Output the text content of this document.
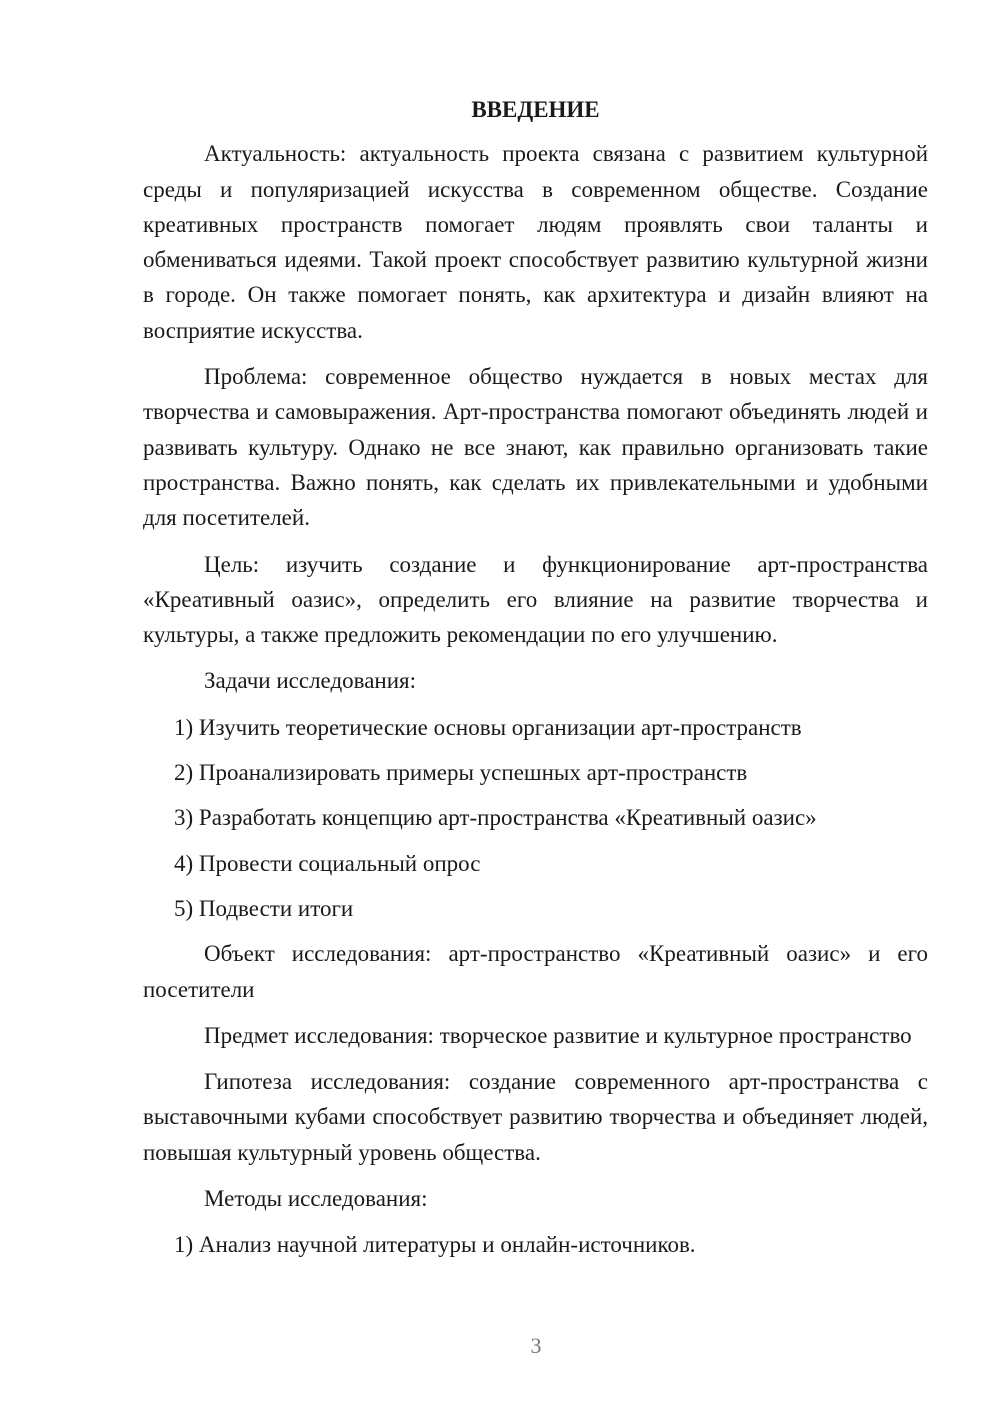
ВВЕДЕНИЕ
Актуальность: актуальность проекта связана с развитием культурной среды и популяризацией искусства в современном обществе. Создание креативных пространств помогает людям проявлять свои таланты и обмениваться идеями. Такой проект способствует развитию культурной жизни в городе. Он также помогает понять, как архитектура и дизайн влияют на восприятие искусства.
Проблема: современное общество нуждается в новых местах для творчества и самовыражения. Арт-пространства помогают объединять людей и развивать культуру. Однако не все знают, как правильно организовать такие пространства. Важно понять, как сделать их привлекательными и удобными для посетителей.
Цель: изучить создание и функционирование арт-пространства «Креативный оазис», определить его влияние на развитие творчества и культуры, а также предложить рекомендации по его улучшению.
Задачи исследования:
1) Изучить теоретические основы организации арт-пространств
2) Проанализировать примеры успешных арт-пространств
3) Разработать концепцию арт-пространства «Креативный оазис»
4) Провести социальный опрос
5) Подвести итоги
Объект исследования: арт-пространство «Креативный оазис» и его посетители
Предмет исследования: творческое развитие и культурное пространство
Гипотеза исследования: создание современного арт-пространства с выставочными кубами способствует развитию творчества и объединяет людей, повышая культурный уровень общества.
Методы исследования:
1) Анализ научной литературы и онлайн-источников.
3
